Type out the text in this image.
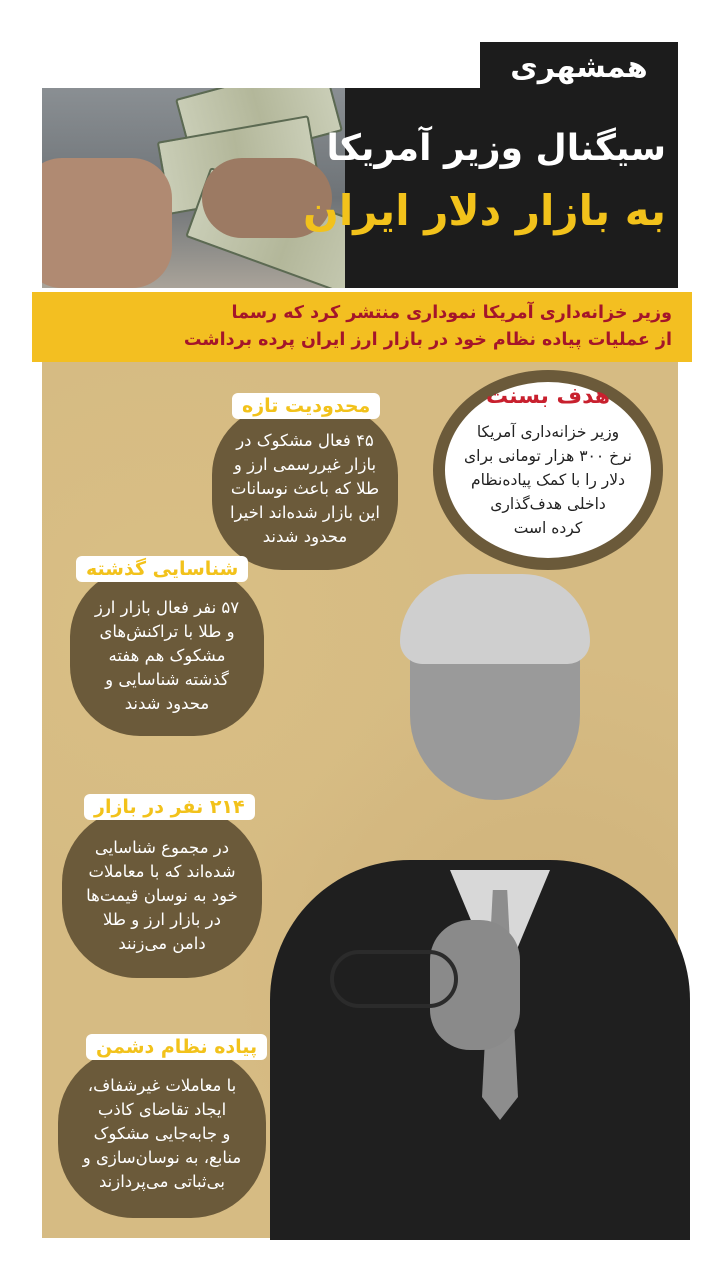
همشهری
سیگنال وزیر آمریکا
به بازار دلار ایران
وزیر خزانه‌داری آمریکا نموداری منتشر کرد که رسما
از عملیات پیاده نظام خود در بازار ارز ایران پرده برداشت
هدف بسنت
وزیر خزانه‌داری آمریکا
نرخ ۳۰۰ هزار تومانی برای
دلار را با کمک پیاده‌نظام
داخلی هدف‌گذاری
کرده است
۴۵ فعال مشکوک در
بازار غیررسمی ارز و
طلا که باعث نوسانات
این بازار شده‌اند اخیرا
محدود شدند
محدودیت تازه
۵۷ نفر فعال بازار ارز
و طلا با تراکنش‌های
مشکوک هم هفته
گذشته شناسایی و
محدود شدند
شناسایی گذشته
در مجموع شناسایی
شده‌اند که با معاملات
خود به نوسان قیمت‌ها
در بازار ارز و طلا
دامن می‌زنند
۲۱۴ نفر در بازار
با معاملات غیرشفاف،
ایجاد تقاضای کاذب
و جابه‌جایی مشکوک
منابع، به نوسان‌سازی و
بی‌ثباتی می‌پردازند
پیاده نظام دشمن
